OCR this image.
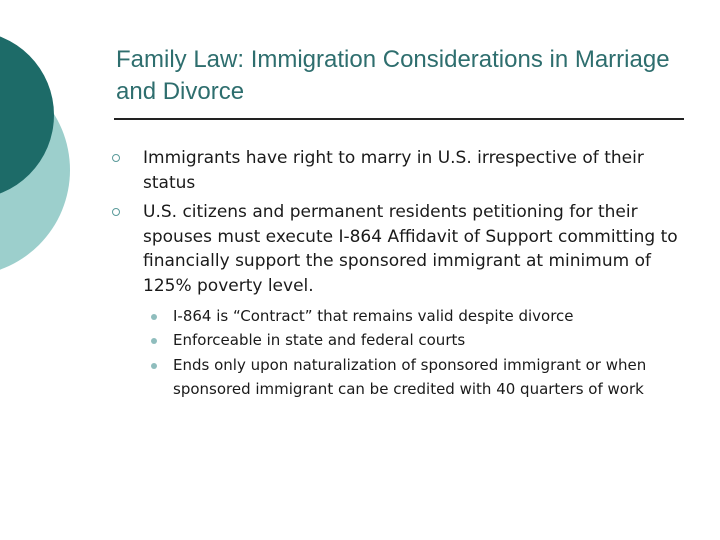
Family Law: Immigration Considerations in Marriage and Divorce
Immigrants have right to marry in U.S. irrespective of their status
U.S. citizens and permanent residents petitioning for their spouses must execute I-864 Affidavit of Support committing to financially support the sponsored immigrant at minimum of 125% poverty level.
I-864 is “Contract” that remains valid despite divorce
Enforceable in state and federal courts
Ends only upon naturalization of sponsored immigrant or when sponsored immigrant can be credited with 40 quarters of work
